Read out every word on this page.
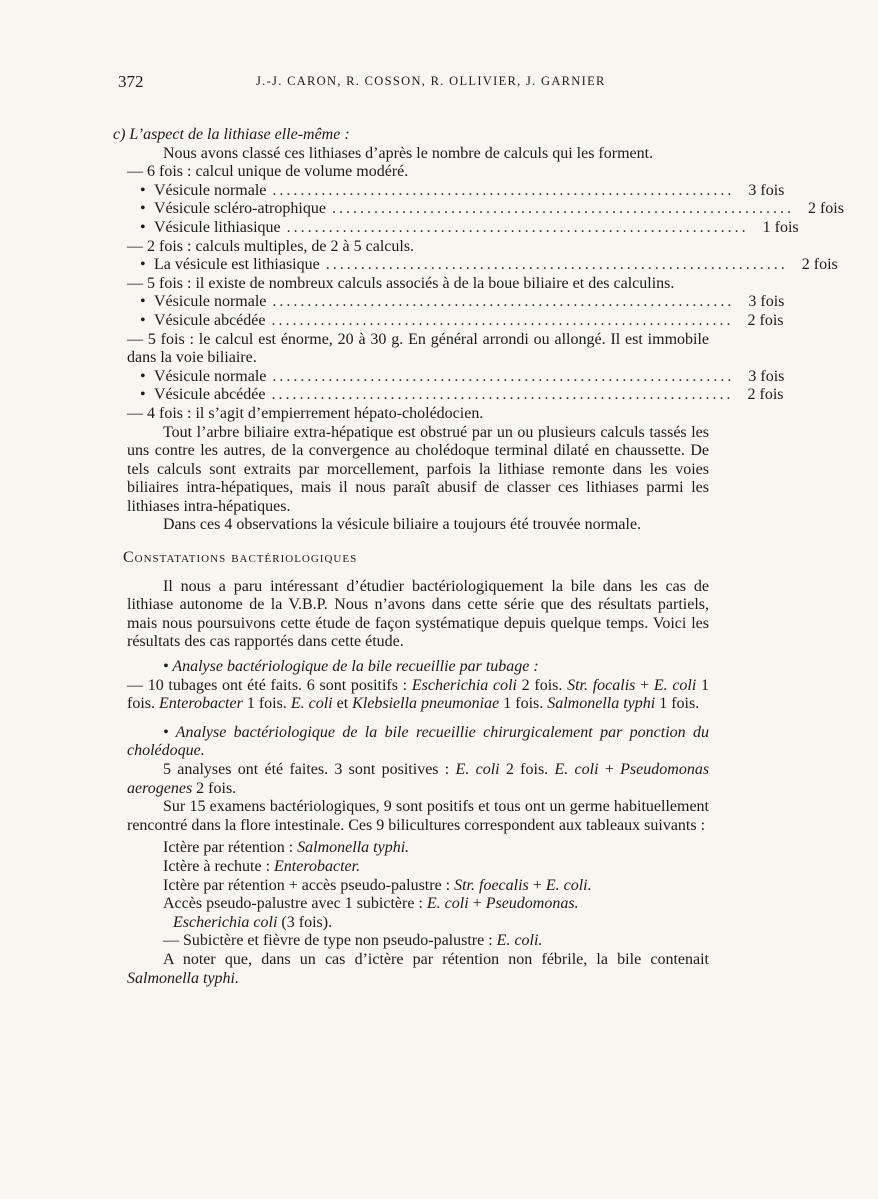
372	J.-J. CARON, R. COSSON, R. OLLIVIER, J. GARNIER

c) L’aspect de la lithiase elle-même :

Nous avons classé ces lithiases d’après le nombre de calculs qui les forment.

— 6 fois : calcul unique de volume modéré.

• Vésicule normale .................................................................. 3 fois
• Vésicule scléro-atrophique .................................................................. 2 fois
• Vésicule lithiasique .................................................................. 1 fois

— 2 fois : calculs multiples, de 2 à 5 calculs.

• La vésicule est lithiasique .................................................................. 2 fois

— 5 fois : il existe de nombreux calculs associés à de la boue biliaire et des calculins.

• Vésicule normale .................................................................. 3 fois
• Vésicule abcédée .................................................................. 2 fois

— 5 fois : le calcul est énorme, 20 à 30 g. En général arrondi ou allongé. Il est immobile dans la voie biliaire.

• Vésicule normale .................................................................. 3 fois
• Vésicule abcédée .................................................................. 2 fois

— 4 fois : il s’agit d’empierrement hépato-cholédocien.

Tout l’arbre biliaire extra-hépatique est obstrué par un ou plusieurs calculs tassés les uns contre les autres, de la convergence au cholédoque terminal dilaté en chaussette. De tels calculs sont extraits par morcellement, parfois la lithiase remonte dans les voies biliaires intra-hépatiques, mais il nous paraît abusif de classer ces lithiases parmi les lithiases intra-hépatiques.

Dans ces 4 observations la vésicule biliaire a toujours été trouvée normale.

Constatations bactériologiques

Il nous a paru intéressant d’étudier bactériologiquement la bile dans les cas de lithiase autonome de la V.B.P. Nous n’avons dans cette série que des résultats partiels, mais nous poursuivons cette étude de façon systématique depuis quelque temps. Voici les résultats des cas rapportés dans cette étude.

• Analyse bactériologique de la bile recueillie par tubage :

— 10 tubages ont été faits. 6 sont positifs : Escherichia coli 2 fois. Str. focalis + E. coli 1 fois. Enterobacter 1 fois. E. coli et Klebsiella pneumoniae 1 fois. Salmonella typhi 1 fois.

• Analyse bactériologique de la bile recueillie chirurgicalement par ponction du cholédoque.

5 analyses ont été faites. 3 sont positives : E. coli 2 fois. E. coli + Pseudomonas aerogenes 2 fois.

Sur 15 examens bactériologiques, 9 sont positifs et tous ont un germe habituellement rencontré dans la flore intestinale. Ces 9 bilicultures correspondent aux tableaux suivants :

Ictère par rétention : Salmonella typhi.

Ictère à rechute : Enterobacter.

Ictère par rétention + accès pseudo-palustre : Str. foecalis + E. coli.

Accès pseudo-palustre avec 1 subictère : E. coli + Pseudomonas.

Escherichia coli (3 fois).

— Subictère et fièvre de type non pseudo-palustre : E. coli.

A noter que, dans un cas d’ictère par rétention non fébrile, la bile contenait Salmonella typhi.
